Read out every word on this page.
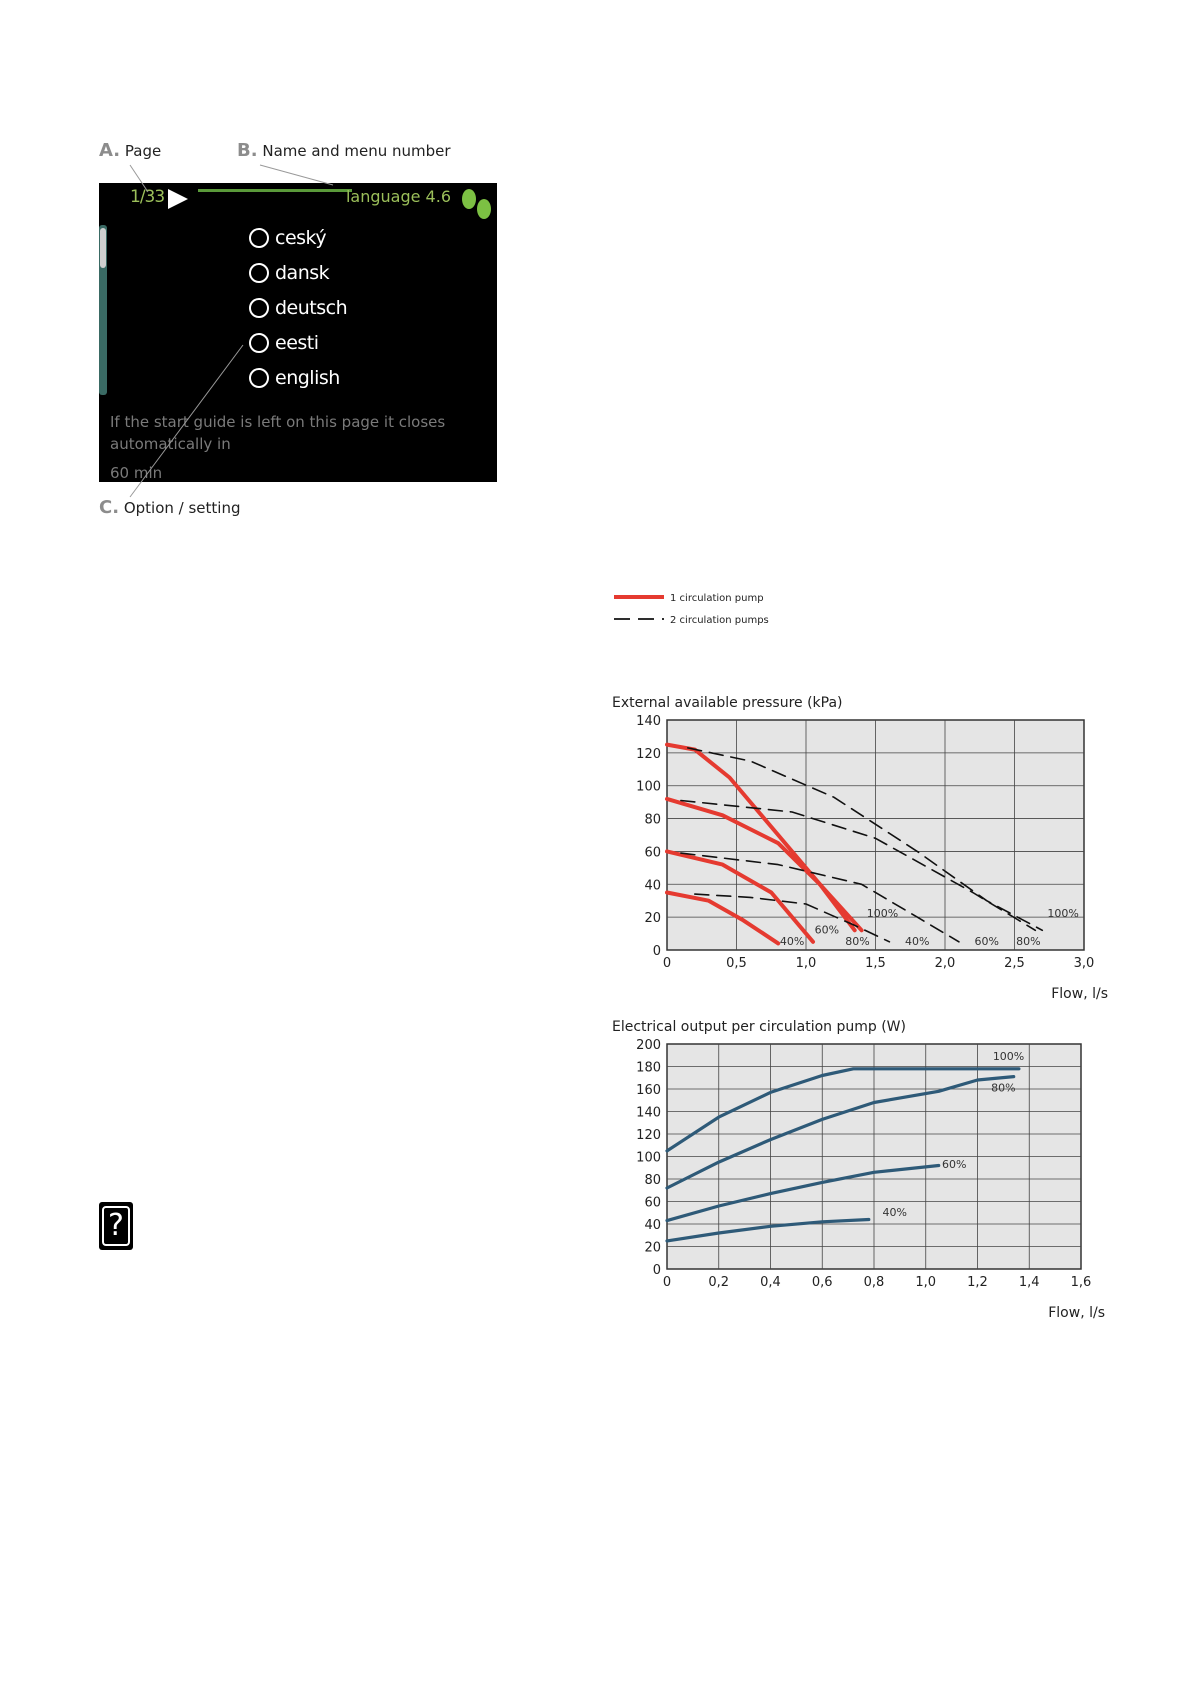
A. Page	B. Name and menu number
C. Option / setting
1/33	language 4.6
ceský
dansk
deutsch
eesti
english
If the start guide is left on this page it closes automatically in
60 min
?
1 circulation pump
2 circulation pumps
External available pressure (kPa)
0	0,5	1,0	1,5	2,0	2,5	3,0
0
20
40
60
80
100
120
140
40%
60%
80%
100%
40%	60% 80%
100%
Flow, l/s
Electrical output per circulation pump (W)
0	0,2 0,4 0,6 0,8 1,0 1,2 1,4 1,6
0
20
40
60
80
100
120
140
160
180
200
100%
80%
60%
40%
Flow, l/s
